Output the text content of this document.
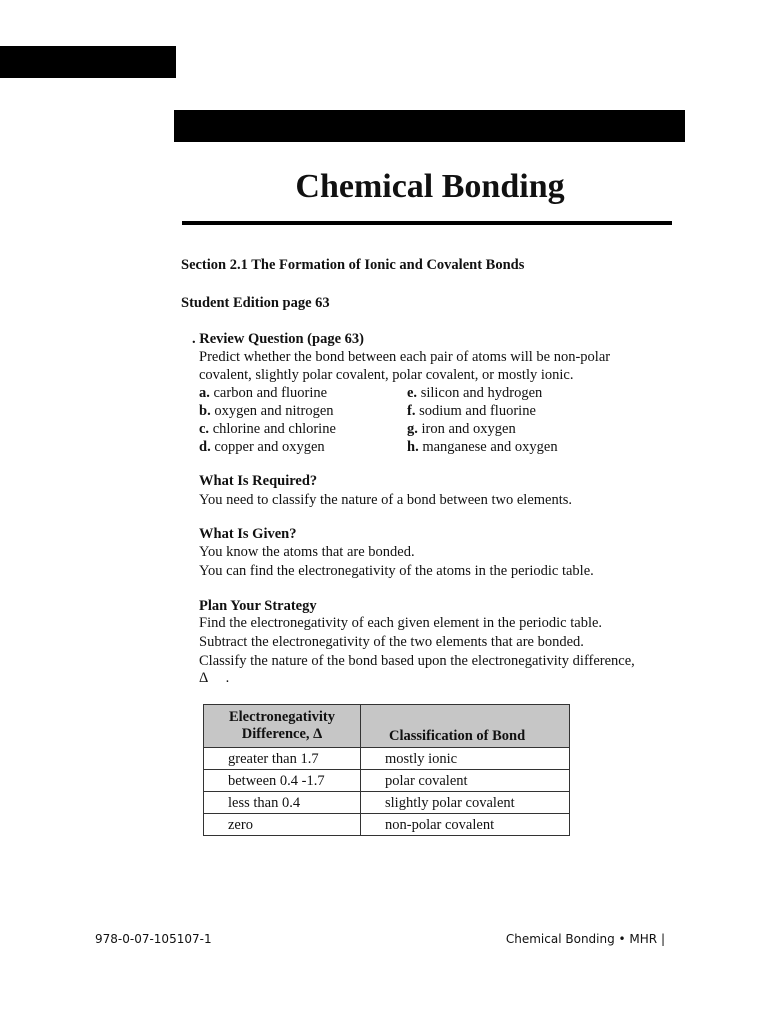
Chemical Bonding
Section 2.1 The Formation of Ionic and Covalent Bonds
Student Edition page 63
. Review Question (page 63)
Predict whether the bond between each pair of atoms will be non-polar
covalent, slightly polar covalent, polar covalent, or mostly ionic.
a. carbon and fluorine
b. oxygen and nitrogen
c. chlorine and chlorine
d. copper and oxygen
e. silicon and hydrogen
f. sodium and fluorine
g. iron and oxygen
h. manganese and oxygen
What Is Required?
You need to classify the nature of a bond between two elements.
What Is Given?
You know the atoms that are bonded.
You can find the electronegativity of the atoms in the periodic table.
Plan Your Strategy
Find the electronegativity of each given element in the periodic table.
Subtract the electronegativity of the two elements that are bonded.
Classify the nature of the bond based upon the electronegativity difference,
Δ     .
Electronegativity
Difference, Δ	Classification of Bond
greater than 1.7	mostly ionic
between 0.4 -1.7	polar covalent
less than 0.4	slightly polar covalent
zero	non-polar covalent
978-0-07-105107-1	Chemical Bonding • MHR |
